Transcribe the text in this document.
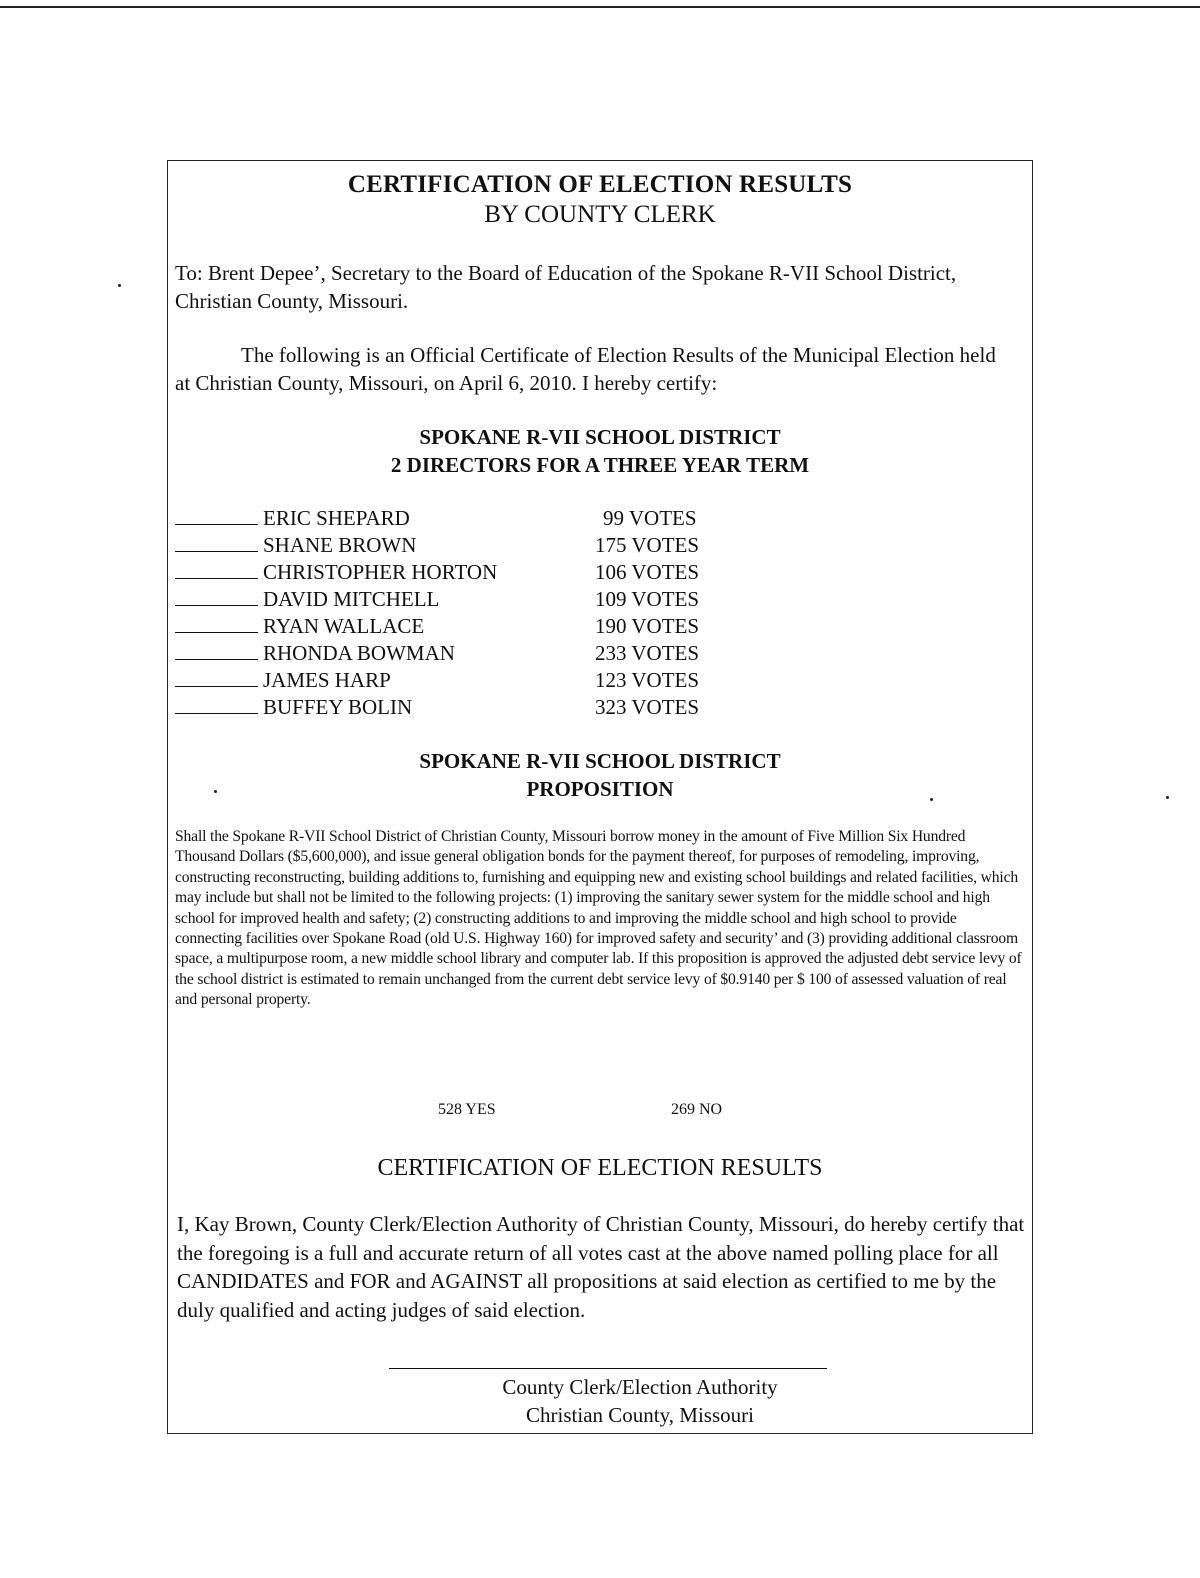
CERTIFICATION OF ELECTION RESULTS
BY COUNTY CLERK
To: Brent Depee’, Secretary to the Board of Education of the Spokane R-VII School District, Christian County, Missouri.
The following is an Official Certificate of Election Results of the Municipal Election held at Christian County, Missouri, on April 6, 2010. I hereby certify:
SPOKANE R-VII SCHOOL DISTRICT
2 DIRECTORS FOR A THREE YEAR TERM
ERIC SHEPARD	99 VOTES
SHANE BROWN	175 VOTES
CHRISTOPHER HORTON	106 VOTES
DAVID MITCHELL	109 VOTES
RYAN WALLACE	190 VOTES
RHONDA BOWMAN	233 VOTES
JAMES HARP	123 VOTES
BUFFEY BOLIN	323 VOTES
SPOKANE R-VII SCHOOL DISTRICT
PROPOSITION
Shall the Spokane R-VII School District of Christian County, Missouri borrow money in the amount of Five Million Six Hundred Thousand Dollars ($5,600,000), and issue general obligation bonds for the payment thereof, for purposes of remodeling, improving, constructing reconstructing, building additions to, furnishing and equipping new and existing school buildings and related facilities, which may include but shall not be limited to the following projects: (1) improving the sanitary sewer system for the middle school and high school for improved health and safety; (2) constructing additions to and improving the middle school and high school to provide connecting facilities over Spokane Road (old U.S. Highway 160) for improved safety and security’ and (3) providing additional classroom space, a multipurpose room, a new middle school library and computer lab. If this proposition is approved the adjusted debt service levy of the school district is estimated to remain unchanged from the current debt service levy of $0.9140 per $ 100 of assessed valuation of real and personal property.
528 YES	269 NO
CERTIFICATION OF ELECTION RESULTS
I, Kay Brown, County Clerk/Election Authority of Christian County, Missouri, do hereby certify that the foregoing is a full and accurate return of all votes cast at the above named polling place for all CANDIDATES and FOR and AGAINST all propositions at said election as certified to me by the duly qualified and acting judges of said election.
County Clerk/Election Authority
Christian County, Missouri
